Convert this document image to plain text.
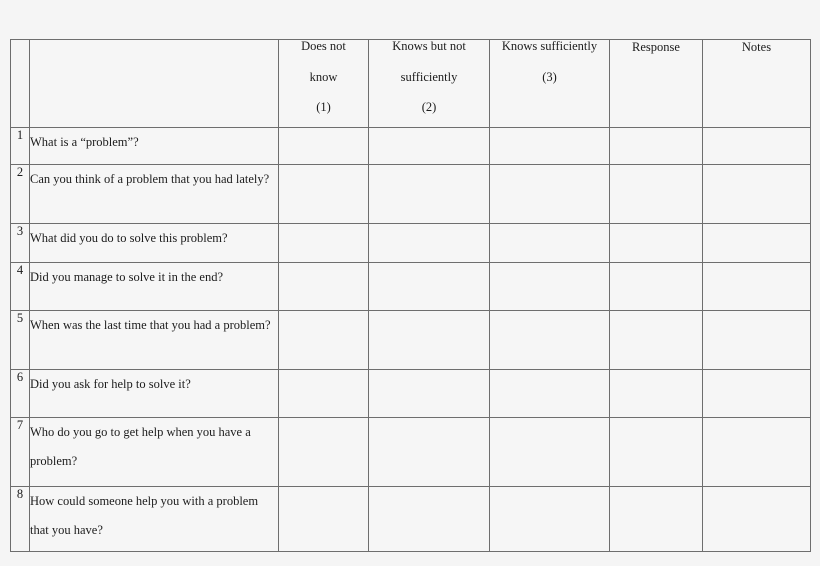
		Does not
know
(1)	Knows but not
sufficiently
(2)	Knows sufficiently
(3)	Response	Notes
1	What is a “problem”?					

2	Can you think of a problem that you had lately?					

3	What did you do to solve this problem?					

4	Did you manage to solve it in the end?					

5	When was the last time that you had a problem?					

6	Did you ask for help to solve it?					

7	Who do you go to get help when you have a problem?					

8	How could someone help you with a problem that you have?					
